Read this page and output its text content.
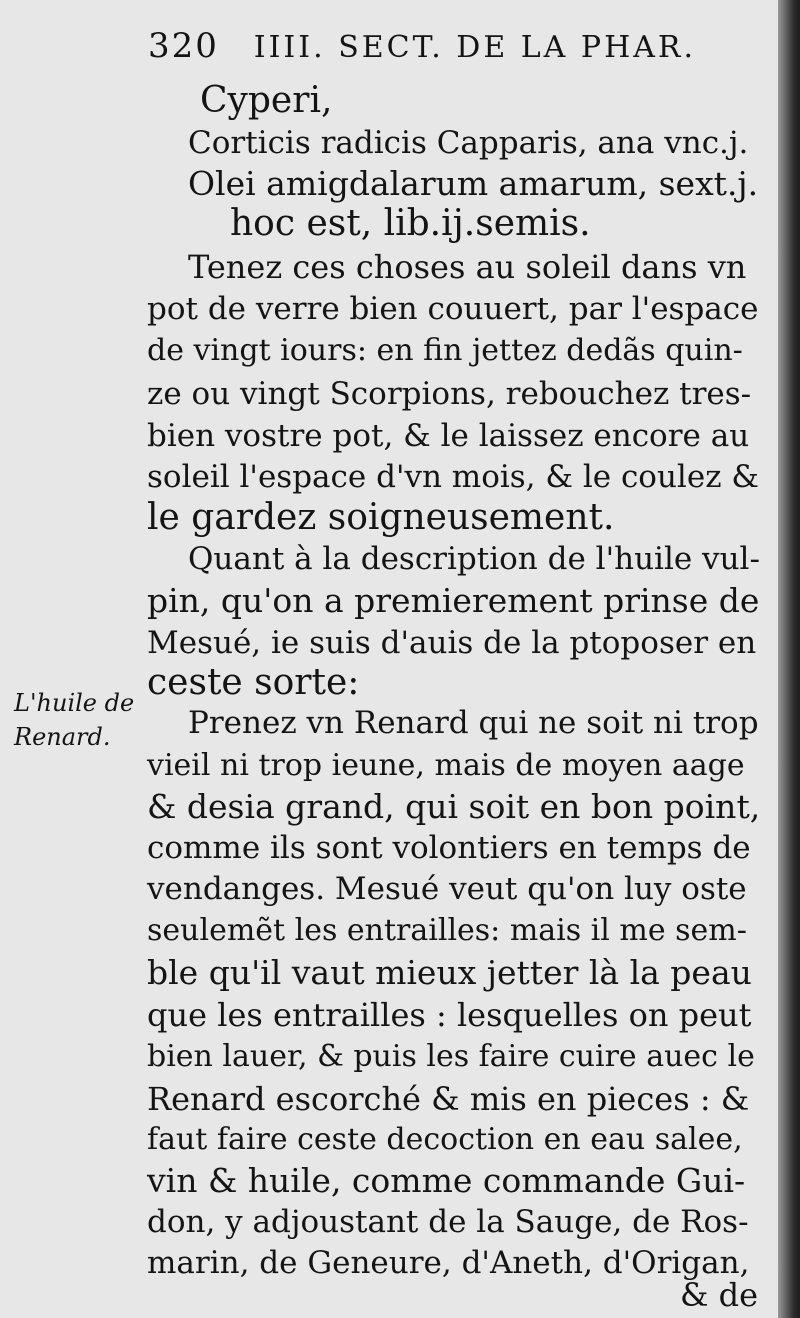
320 IIII. SECT. DE LA PHAR.
L'huile de
Renard.
Cyperi,
Corticis radicis Capparis, ana vnc.j.
Olei amigdalarum amarum, sext.j.
hoc est, lib.ij.semis.
Tenez ces choses au soleil dans vn
pot de verre bien couuert, par l'espace
de vingt iours: en fin jettez dedãs quin-
ze ou vingt Scorpions, rebouchez tres-
bien vostre pot, & le laissez encore au
soleil l'espace d'vn mois, & le coulez &
le gardez soigneusement.
Quant à la description de l'huile vul-
pin, qu'on a premierement prinse de
Mesué, ie suis d'auis de la ptoposer en
ceste sorte:
Prenez vn Renard qui ne soit ni trop
vieil ni trop ieune, mais de moyen aage
& desia grand, qui soit en bon point,
comme ils sont volontiers en temps de
vendanges. Mesué veut qu'on luy oste
seulemẽt les entrailles: mais il me sem-
ble qu'il vaut mieux jetter là la peau
que les entrailles : lesquelles on peut
bien lauer, & puis les faire cuire auec le
Renard escorché & mis en pieces : &
faut faire ceste decoction en eau salee,
vin & huile, comme commande Gui-
don, y adjoustant de la Sauge, de Ros-
marin, de Geneure, d'Aneth, d'Origan,
& de
